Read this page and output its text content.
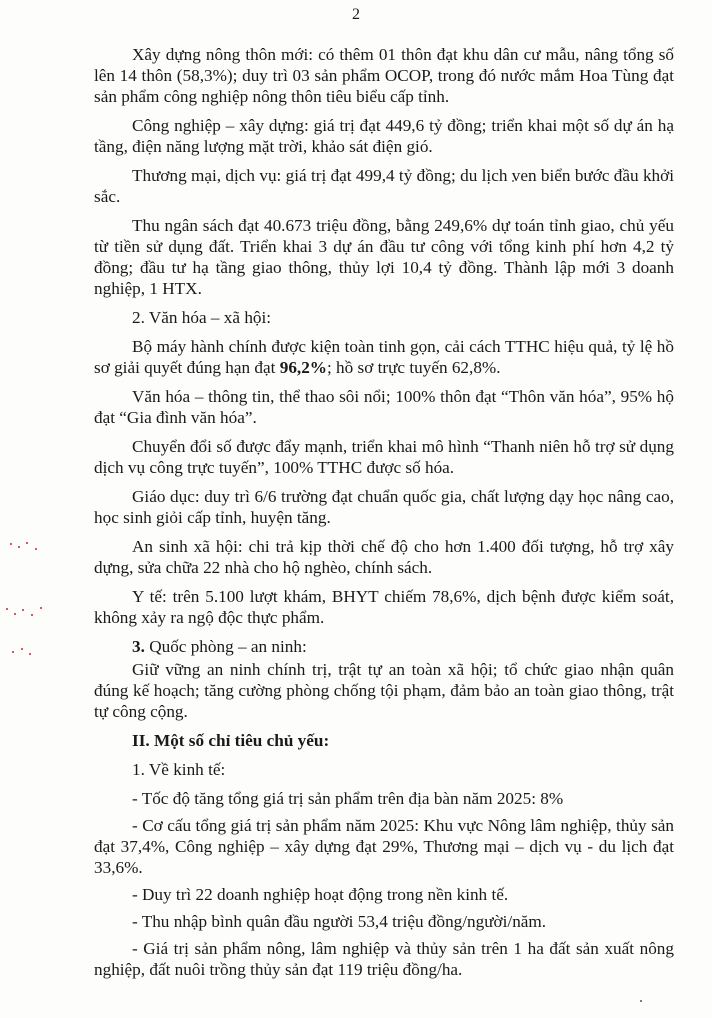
2

Xây dựng nông thôn mới: có thêm 01 thôn đạt khu dân cư mẫu, nâng tổng số lên 14 thôn (58,3%); duy trì 03 sản phẩm OCOP, trong đó nước mắm Hoa Tùng đạt sản phẩm công nghiệp nông thôn tiêu biểu cấp tỉnh.

Công nghiệp – xây dựng: giá trị đạt 449,6 tỷ đồng; triển khai một số dự án hạ tầng, điện năng lượng mặt trời, khảo sát điện gió.

Thương mại, dịch vụ: giá trị đạt 499,4 tỷ đồng; du lịch ven biển bước đầu khởi sắc.

Thu ngân sách đạt 40.673 triệu đồng, bằng 249,6% dự toán tỉnh giao, chủ yếu từ tiền sử dụng đất. Triển khai 3 dự án đầu tư công với tổng kinh phí hơn 4,2 tỷ đồng; đầu tư hạ tầng giao thông, thủy lợi 10,4 tỷ đồng. Thành lập mới 3 doanh nghiệp, 1 HTX.

2. Văn hóa – xã hội:

Bộ máy hành chính được kiện toàn tinh gọn, cải cách TTHC hiệu quả, tỷ lệ hồ sơ giải quyết đúng hạn đạt 96,2%; hồ sơ trực tuyến 62,8%.

Văn hóa – thông tin, thể thao sôi nổi; 100% thôn đạt “Thôn văn hóa”, 95% hộ đạt “Gia đình văn hóa”.

Chuyển đổi số được đẩy mạnh, triển khai mô hình “Thanh niên hỗ trợ sử dụng dịch vụ công trực tuyến”, 100% TTHC được số hóa.

Giáo dục: duy trì 6/6 trường đạt chuẩn quốc gia, chất lượng dạy học nâng cao, học sinh giỏi cấp tỉnh, huyện tăng.

An sinh xã hội: chi trả kịp thời chế độ cho hơn 1.400 đối tượng, hỗ trợ xây dựng, sửa chữa 22 nhà cho hộ nghèo, chính sách.

Y tế: trên 5.100 lượt khám, BHYT chiếm 78,6%, dịch bệnh được kiểm soát, không xảy ra ngộ độc thực phẩm.

3. Quốc phòng – an ninh:

Giữ vững an ninh chính trị, trật tự an toàn xã hội; tổ chức giao nhận quân đúng kế hoạch; tăng cường phòng chống tội phạm, đảm bảo an toàn giao thông, trật tự công cộng.

II. Một số chỉ tiêu chủ yếu:

1. Về kinh tế:

- Tốc độ tăng tổng giá trị sản phẩm trên địa bàn năm 2025: 8%

- Cơ cấu tổng giá trị sản phẩm năm 2025: Khu vực Nông lâm nghiệp, thủy sản đạt 37,4%, Công nghiệp – xây dựng đạt 29%, Thương mại – dịch vụ - du lịch đạt 33,6%.

- Duy trì 22 doanh nghiệp hoạt động trong nền kinh tế.

- Thu nhập bình quân đầu người 53,4 triệu đồng/người/năm.

- Giá trị sản phẩm nông, lâm nghiệp và thủy sản trên 1 ha đất sản xuất nông nghiệp, đất nuôi trồng thủy sản đạt 119 triệu đồng/ha.
